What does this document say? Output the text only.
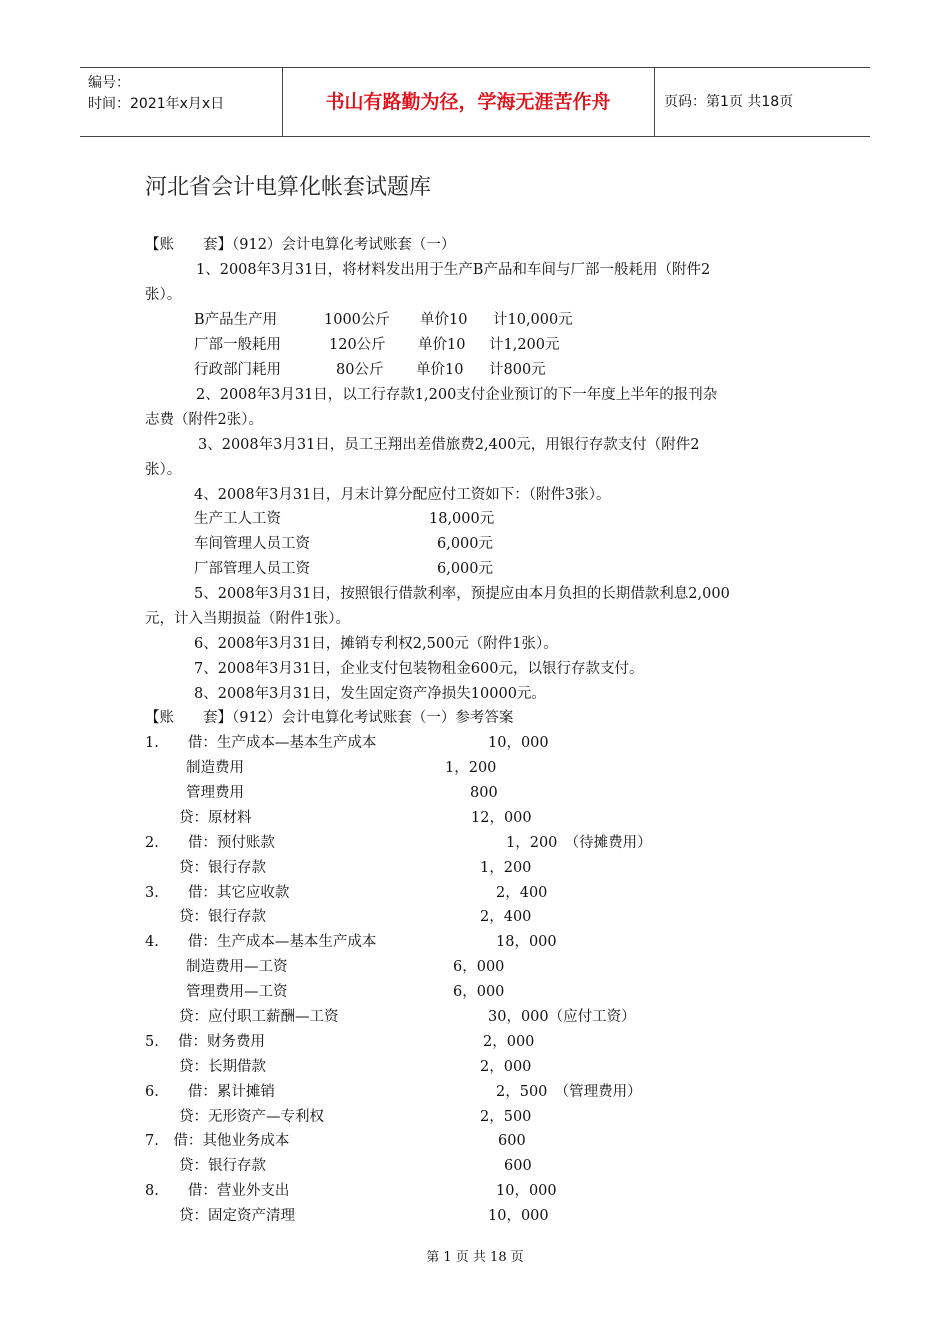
编号：
时间：2021年x月x日	书山有路勤为径，学海无涯苦作舟	页码：第1页 共18页
河北省会计电算化帐套试题库
【账　　套】（912）会计电算化考试账套（一）
1、2008年3月31日，将材料发出用于生产B产品和车间与厂部一般耗用（附件2
张）。
B产品生产用	1000公斤 单价10 计10,000元
厂部一般耗用	120公斤 单价10 计1,200元
行政部门耗用	80公斤 单价10 计800元
2、2008年3月31日，以工行存款1,200支付企业预订的下一年度上半年的报刊杂
志费（附件2张）。
3、2008年3月31日，员工王翔出差借旅费2,400元，用银行存款支付（附件2
张）。
4、2008年3月31日，月末计算分配应付工资如下：（附件3张）。
生产工人工资	18,000元
车间管理人员工资	6,000元
厂部管理人员工资	6,000元
5、2008年3月31日，按照银行借款利率，预提应由本月负担的长期借款利息2,000
元，计入当期损益（附件1张）。
6、2008年3月31日，摊销专利权2,500元（附件1张）。
7、2008年3月31日，企业支付包装物租金600元，以银行存款支付。
8、2008年3月31日，发生固定资产净损失10000元。
【账　　套】（912）会计电算化考试账套（一）参考答案
1.　　借：生产成本—基本生产成本	10，000
制造费用	1，200
管理费用	800
贷：原材料	12，000
2.　　借：预付账款	1，200　（待摊费用）
贷：银行存款	1，200
3.　　借：其它应收款	2，400
贷：银行存款	2，400
4.　　借：生产成本—基本生产成本	18，000
制造费用—工资	6，000
管理费用—工资	6，000
贷：应付职工薪酬—工资	30，000（应付工资）
5.　 借：财务费用	2，000
贷：长期借款	2，000
6.　　借：累计摊销	2，500　（管理费用）
贷：无形资产—专利权	2，500
7.　借：其他业务成本	600
贷：银行存款	600
8.　　借：营业外支出	10，000
贷：固定资产清理	10，000
第 1 页 共 18 页
